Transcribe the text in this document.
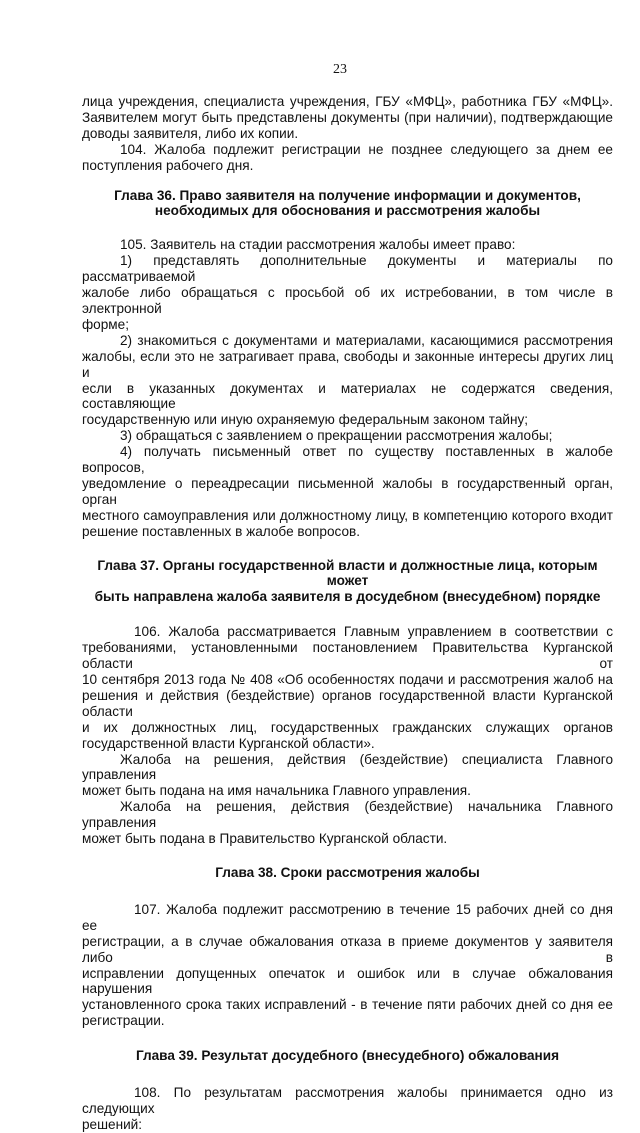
23

лица учреждения, специалиста учреждения, ГБУ «МФЦ», работника ГБУ «МФЦ».

Заявителем могут быть представлены документы (при наличии), подтверждающие

доводы заявителя, либо их копии.

104. Жалоба подлежит регистрации не позднее следующего за днем ее

поступления рабочего дня.

Глава 36. Право заявителя на получение информации и документов,
необходимых для обоснования и рассмотрения жалобы

105. Заявитель на стадии рассмотрения жалобы имеет право:

1) представлять дополнительные документы и материалы по рассматриваемой

жалобе либо обращаться с просьбой об их истребовании, в том числе в электронной

форме;

2) знакомиться с документами и материалами, касающимися рассмотрения

жалобы, если это не затрагивает права, свободы и законные интересы других лиц и

если в указанных документах и материалах не содержатся сведения, составляющие

государственную или иную охраняемую федеральным законом тайну;

3) обращаться с заявлением о прекращении рассмотрения жалобы;

4) получать письменный ответ по существу поставленных в жалобе вопросов,

уведомление о переадресации письменной жалобы в государственный орган, орган

местного самоуправления или должностному лицу, в компетенцию которого входит

решение поставленных в жалобе вопросов.

Глава 37. Органы государственной власти и должностные лица, которым может
быть направлена жалоба заявителя в досудебном (внесудебном) порядке

106. Жалоба рассматривается Главным управлением в соответствии с

требованиями, установленными постановлением Правительства Курганской области от

10 сентября 2013 года № 408 «Об особенностях подачи и рассмотрения жалоб на

решения и действия (бездействие) органов государственной власти Курганской области

и их должностных лиц, государственных гражданских служащих органов

государственной власти Курганской области».

Жалоба на решения, действия (бездействие) специалиста Главного управления

может быть подана на имя начальника Главного управления.

Жалоба на решения, действия (бездействие) начальника Главного управления

может быть подана в Правительство Курганской области.

Глава 38. Сроки рассмотрения жалобы

107. Жалоба подлежит рассмотрению в течение 15 рабочих дней со дня ее

регистрации, а в случае обжалования отказа в приеме документов у заявителя либо в

исправлении допущенных опечаток и ошибок или в случае обжалования нарушения

установленного срока таких исправлений - в течение пяти рабочих дней со дня ее

регистрации.

Глава 39. Результат досудебного (внесудебного) обжалования

108. По результатам рассмотрения жалобы принимается одно из следующих

решений:
